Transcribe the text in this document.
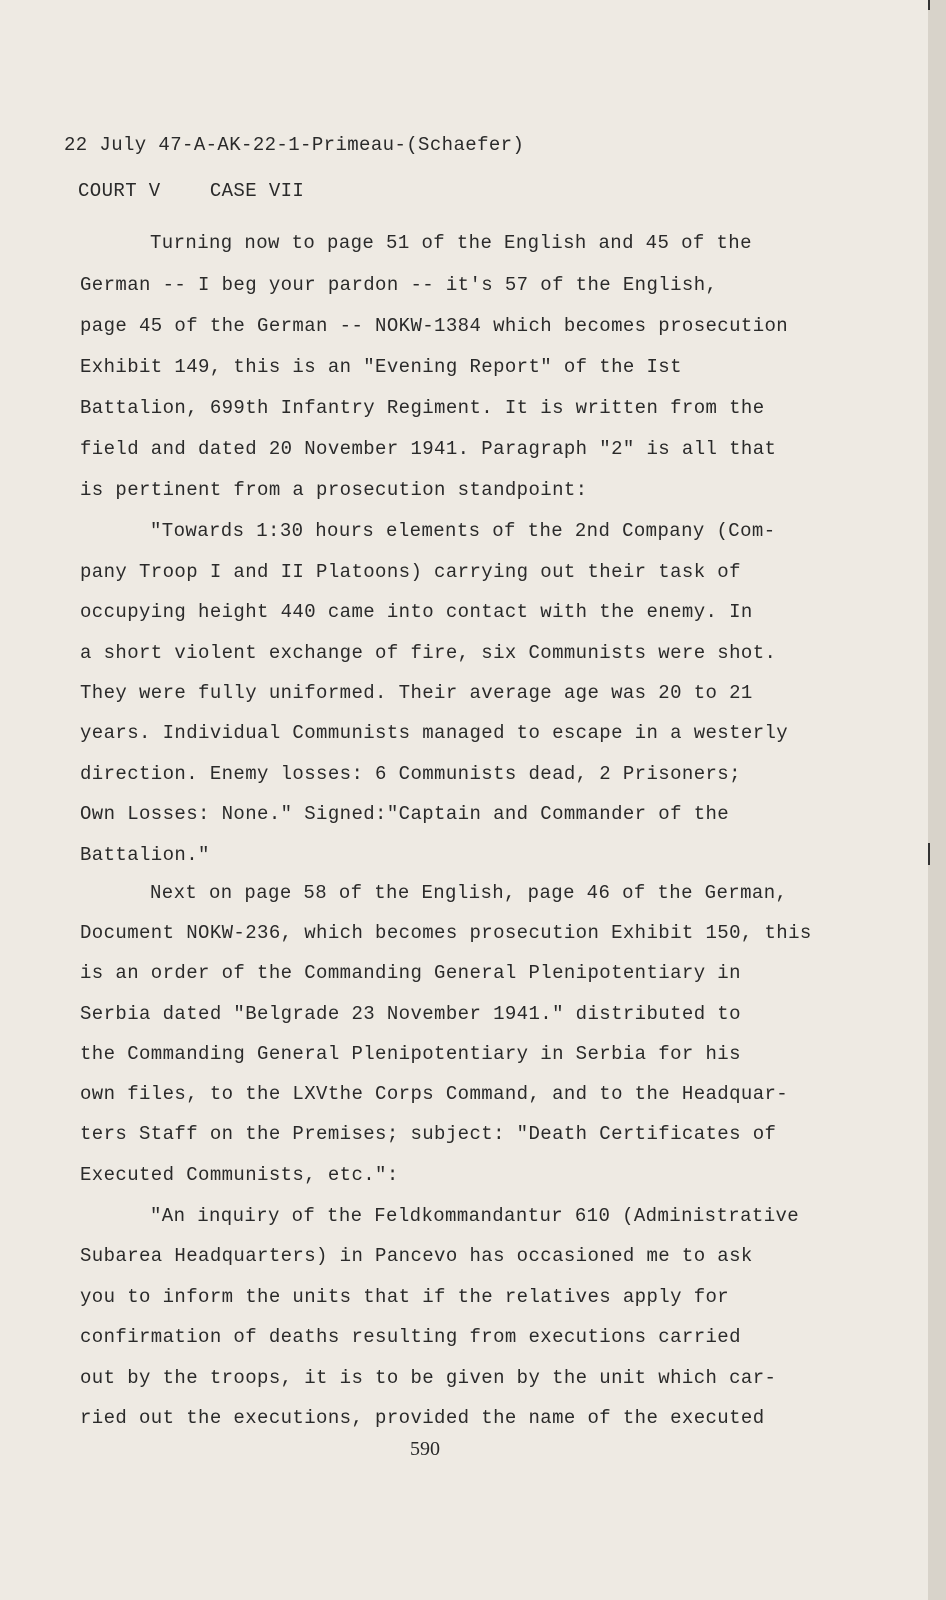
22 July 47-A-AK-22-1-Primeau-(Schaefer)
COURT V	CASE VII
Turning now to page 51 of the English and 45 of the
German -- I beg your pardon -- it's 57 of the English,
page 45 of the German -- NOKW-1384 which becomes prosecution
Exhibit 149, this is an "Evening Report" of the Ist
Battalion, 699th Infantry Regiment. It is written from the
field and dated 20 November 1941. Paragraph "2" is all that
is pertinent from a prosecution standpoint:
"Towards 1:30 hours elements of the 2nd Company (Com-
pany Troop I and II Platoons) carrying out their task of
occupying height 440 came into contact with the enemy. In
a short violent exchange of fire, six Communists were shot.
They were fully uniformed. Their average age was 20 to 21
years. Individual Communists managed to escape in a westerly
direction. Enemy losses: 6 Communists dead, 2 Prisoners;
Own Losses: None." Signed:"Captain and Commander of the
Battalion."
Next on page 58 of the English, page 46 of the German,
Document NOKW-236, which becomes prosecution Exhibit 150, this
is an order of the Commanding General Plenipotentiary in
Serbia dated "Belgrade 23 November 1941." distributed to
the Commanding General Plenipotentiary in Serbia for his
own files, to the LXVthe Corps Command, and to the Headquar-
ters Staff on the Premises; subject: "Death Certificates of
Executed Communists, etc.":
"An inquiry of the Feldkommandantur 610 (Administrative
Subarea Headquarters) in Pancevo has occasioned me to ask
you to inform the units that if the relatives apply for
confirmation of deaths resulting from executions carried
out by the troops, it is to be given by the unit which car-
ried out the executions, provided the name of the executed
590
